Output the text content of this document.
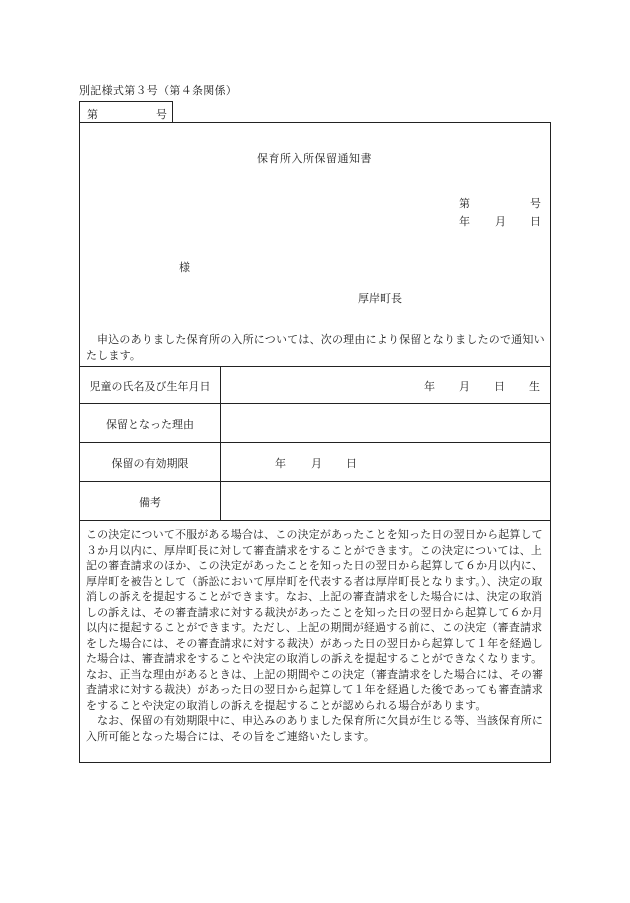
別記様式第３号（第４条関係）
第	号
保育所入所保留通知書
第	号
年 月 日
様
厚岸町長
申込のありました保育所の入所については、次の理由により保留となりましたので通知いたします。
児童の氏名及び生年月日	年 月 日 生
保留となった理由
保留の有効期限	年 月 日
備考

この決定について不服がある場合は、この決定があったことを知った日の翌日から起算して３か月以内に、厚岸町長に対して審査請求をすることができます。この決定については、上記の審査請求のほか、この決定があったことを知った日の翌日から起算して６か月以内に、厚岸町を被告として（訴訟において厚岸町を代表する者は厚岸町長となります。）、決定の取消しの訴えを提起することができます。なお、上記の審査請求をした場合には、決定の取消しの訴えは、その審査請求に対する裁決があったことを知った日の翌日から起算して６か月以内に提起することができます。ただし、上記の期間が経過する前に、この決定（審査請求をした場合には、その審査請求に対する裁決）があった日の翌日から起算して１年を経過した場合は、審査請求をすることや決定の取消しの訴えを提起することができなくなります。なお、正当な理由があるときは、上記の期間やこの決定（審査請求をした場合には、その審査請求に対する裁決）があった日の翌日から起算して１年を経過した後であっても審査請求をすることや決定の取消しの訴えを提起することが認められる場合があります。

なお、保留の有効期限中に、申込みのありました保育所に欠員が生じる等、当該保育所に入所可能となった場合には、その旨をご連絡いたします。
